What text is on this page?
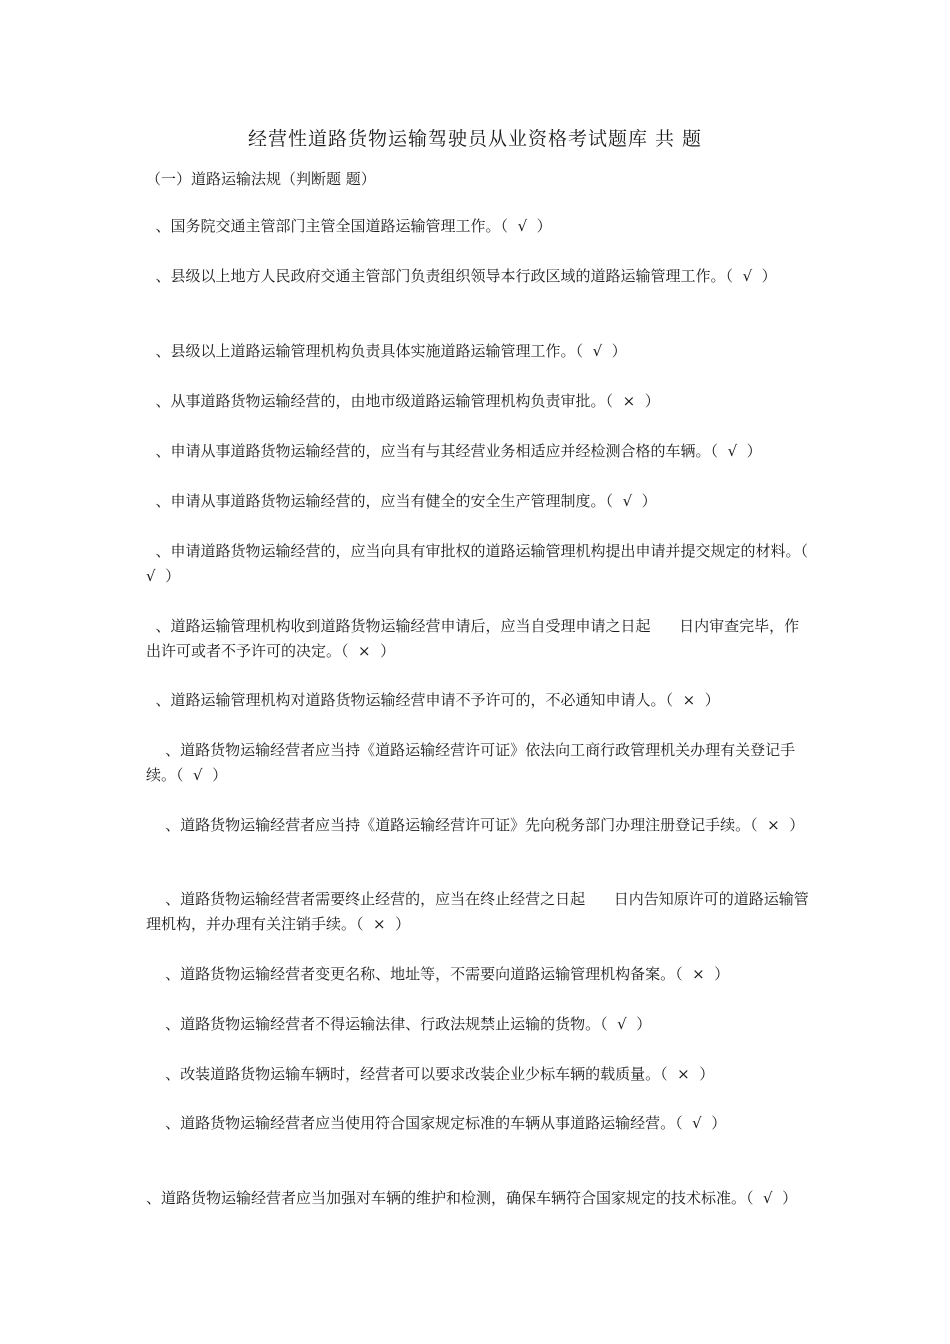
经营性道路货物运输驾驶员从业资格考试题库 共 题
（一）道路运输法规（判断题 题）
、国务院交通主管部门主管全国道路运输管理工作。（  √  ）
、县级以上地方人民政府交通主管部门负责组织领导本行政区域的道路运输管理工作。（  √  ）
、县级以上道路运输管理机构负责具体实施道路运输管理工作。（  √  ）
、从事道路货物运输经营的，由地市级道路运输管理机构负责审批。（  ×  ）
、申请从事道路货物运输经营的，应当有与其经营业务相适应并经检测合格的车辆。（  √  ）
、申请从事道路货物运输经营的，应当有健全的安全生产管理制度。（  √  ）
、申请道路货物运输经营的，应当向具有审批权的道路运输管理机构提出申请并提交规定的材料。（  √  ）
、道路运输管理机构收到道路货物运输经营申请后，应当自受理申请之日起      日内审查完毕，作出许可或者不予许可的决定。（  ×  ）
、道路运输管理机构对道路货物运输经营申请不予许可的，不必通知申请人。（  ×  ）
、道路货物运输经营者应当持《道路运输经营许可证》依法向工商行政管理机关办理有关登记手续。（  √  ）
、道路货物运输经营者应当持《道路运输经营许可证》先向税务部门办理注册登记手续。（  ×  ）
、道路货物运输经营者需要终止经营的，应当在终止经营之日起      日内告知原许可的道路运输管理机构，并办理有关注销手续。（  ×  ）
、道路货物运输经营者变更名称、地址等，不需要向道路运输管理机构备案。（  ×  ）
、道路货物运输经营者不得运输法律、行政法规禁止运输的货物。（  √  ）
、改装道路货物运输车辆时，经营者可以要求改装企业少标车辆的载质量。（  ×  ）
、道路货物运输经营者应当使用符合国家规定标准的车辆从事道路运输经营。（  √  ）
、道路货物运输经营者应当加强对车辆的维护和检测，确保车辆符合国家规定的技术标准。（  √  ）
